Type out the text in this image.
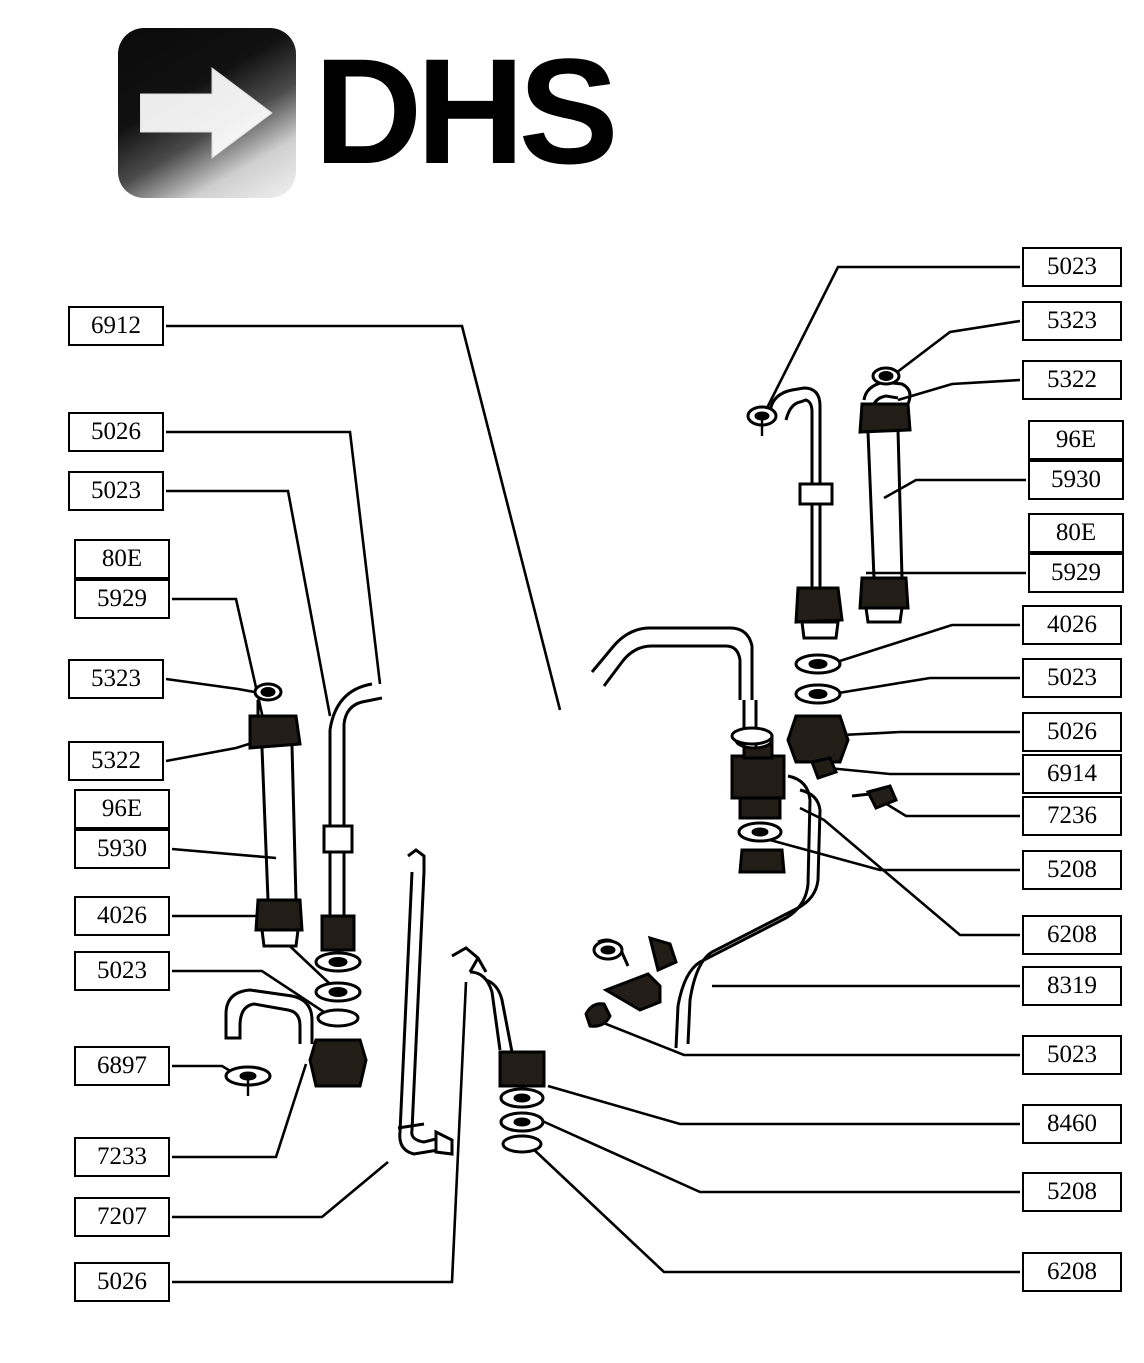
DHS
6912
5026
5023
80E
5929
5323
5322
96E
5930
4026
5023
6897
7233
7207
5026
5023
5323
5322
96E
5930
80E
5929
4026
5023
5026
6914
7236
5208
6208
8319
5023
8460
5208
6208
